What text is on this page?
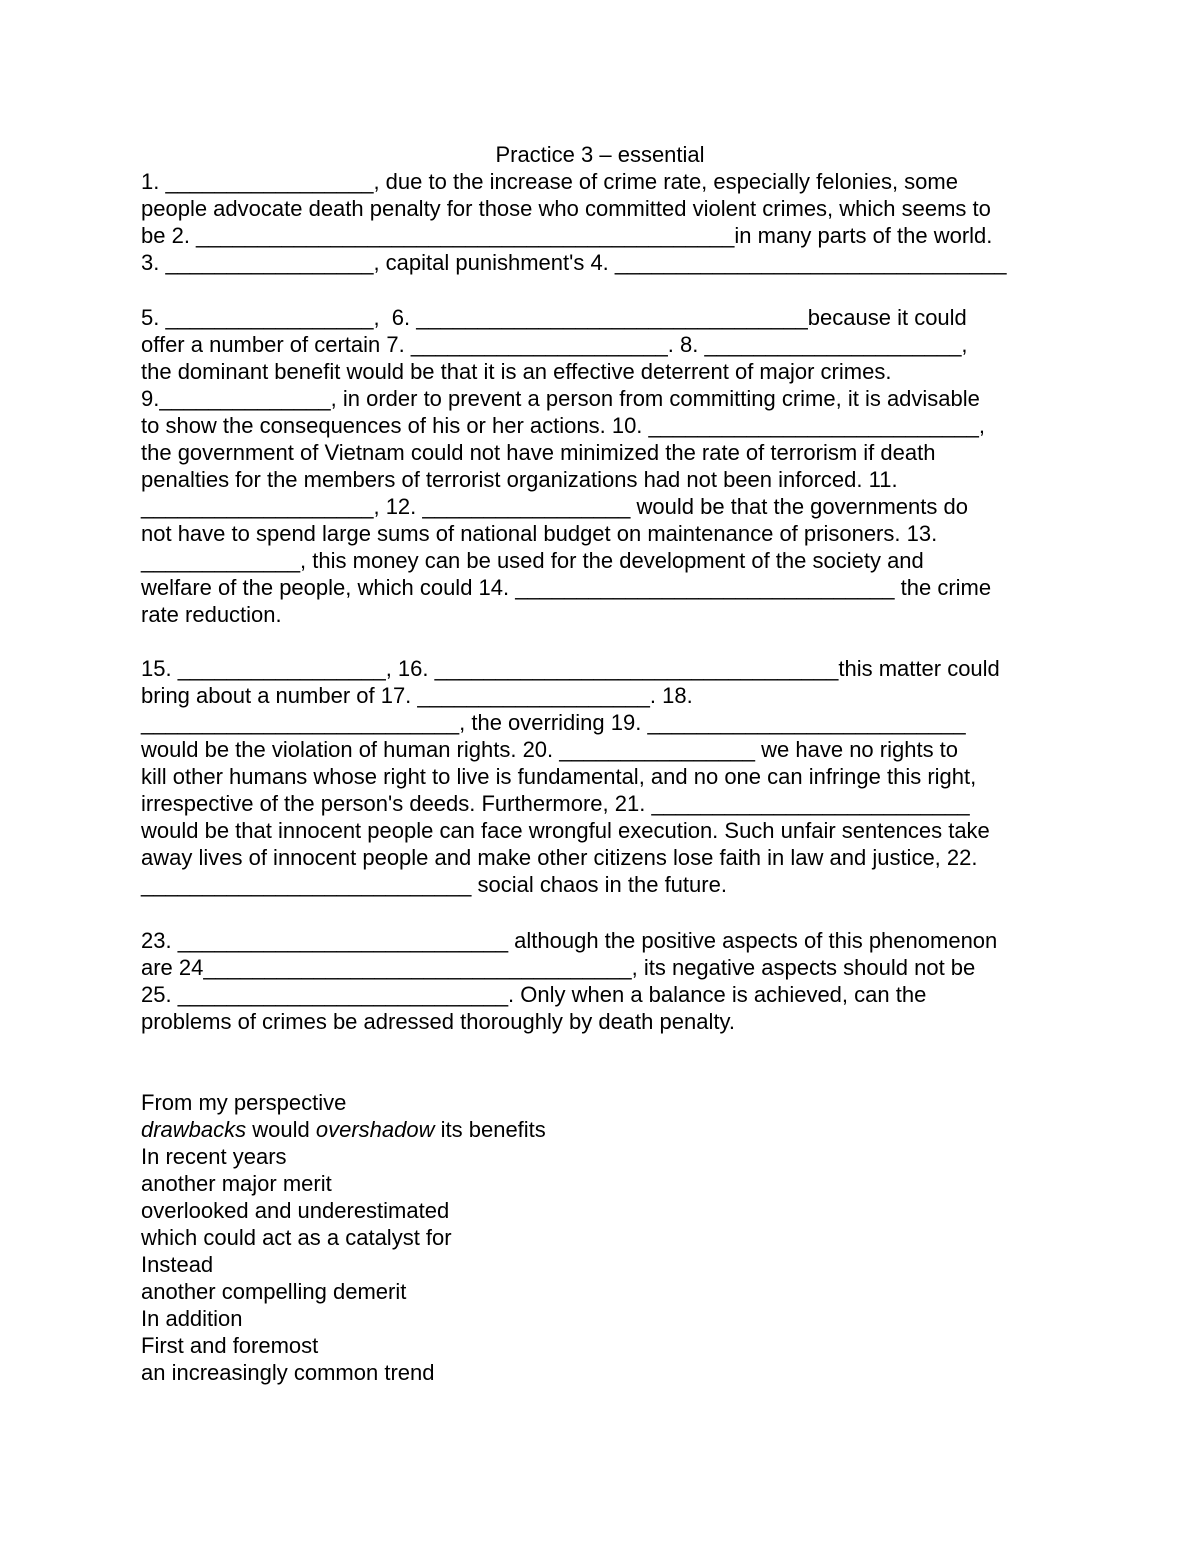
Practice 3 – essential
1. _________________, due to the increase of crime rate, especially felonies, some
people advocate death penalty for those who committed violent crimes, which seems to
be 2. ____________________________________________in many parts of the world.
3. _________________, capital punishment's 4. ________________________________
5. _________________,  6. ________________________________because it could
offer a number of certain 7. _____________________. 8. _____________________,
the dominant benefit would be that it is an effective deterrent of major crimes.
9.______________, in order to prevent a person from committing crime, it is advisable
to show the consequences of his or her actions. 10. ___________________________,
the government of Vietnam could not have minimized the rate of terrorism if death
penalties for the members of terrorist organizations had not been inforced. 11.
___________________, 12. _________________ would be that the governments do
not have to spend large sums of national budget on maintenance of prisoners. 13.
_____________, this money can be used for the development of the society and
welfare of the people, which could 14. _______________________________ the crime
rate reduction.
15. _________________, 16. _________________________________this matter could
bring about a number of 17. ___________________. 18.
__________________________, the overriding 19. __________________________
would be the violation of human rights. 20. ________________ we have no rights to
kill other humans whose right to live is fundamental, and no one can infringe this right,
irrespective of the person's deeds. Furthermore, 21. __________________________
would be that innocent people can face wrongful execution. Such unfair sentences take
away lives of innocent people and make other citizens lose faith in law and justice, 22.
___________________________ social chaos in the future.
23. ___________________________ although the positive aspects of this phenomenon
are 24___________________________________, its negative aspects should not be
25. ___________________________. Only when a balance is achieved, can the
problems of crimes be adressed thoroughly by death penalty.
From my perspective
drawbacks would overshadow its benefits
In recent years
another major merit
overlooked and underestimated
which could act as a catalyst for
Instead
another compelling demerit
In addition
First and foremost
an increasingly common trend
